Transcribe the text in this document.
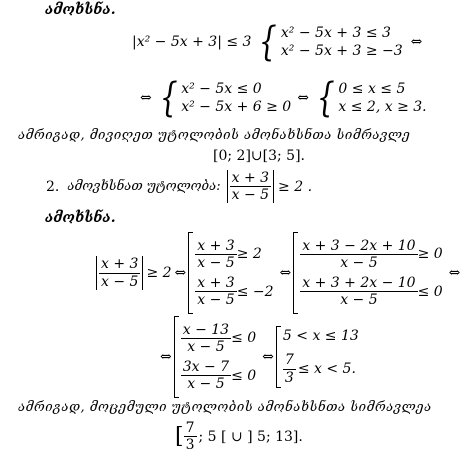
ამოხსნა.
|x² − 5x + 3| ≤ 3 { x² − 5x + 3 ≤ 3
x² − 5x + 3 ≥ −3
⇔
⇔ { x² − 5x ≤ 0
x² − 5x + 6 ≥ 0
⇔ { 0 ≤ x ≤ 5
x ≤ 2, x ≥ 3.
ამრიგად, მივიღეთ უტოლობის ამონახსნთა სიმრავლე
[0; 2]∪[3; 5].
2. ამოვხსნათ უტოლობა: $\frac{x + 3}{x - 5} \ge 2$ .
ამოხსნა.
$\frac{x + 3}{x - 5} \ge 2$ ⇔
$\frac{x + 3}{x - 5} \ge 2$
$\frac{x + 3}{x - 5} \le -2$
⇔
$\frac{x + 3 - 2x + 10}{x - 5} \ge 0$
$\frac{x + 3 + 2x - 10}{x - 5} \le 0$
⇔
⇔
$\frac{x - 13}{x - 5} \le 0$
$\frac{3x - 7}{x - 5} \le 0$
⇔
5 < x ≤ 13
$\frac{7}{3} \le x < 5$.
ამრიგად, მოცემული უტოლობის ამონახსნთა სიმრავლეა
[ $\frac{7}{3}$ ; 5 [ ∪ ] 5; 13].
